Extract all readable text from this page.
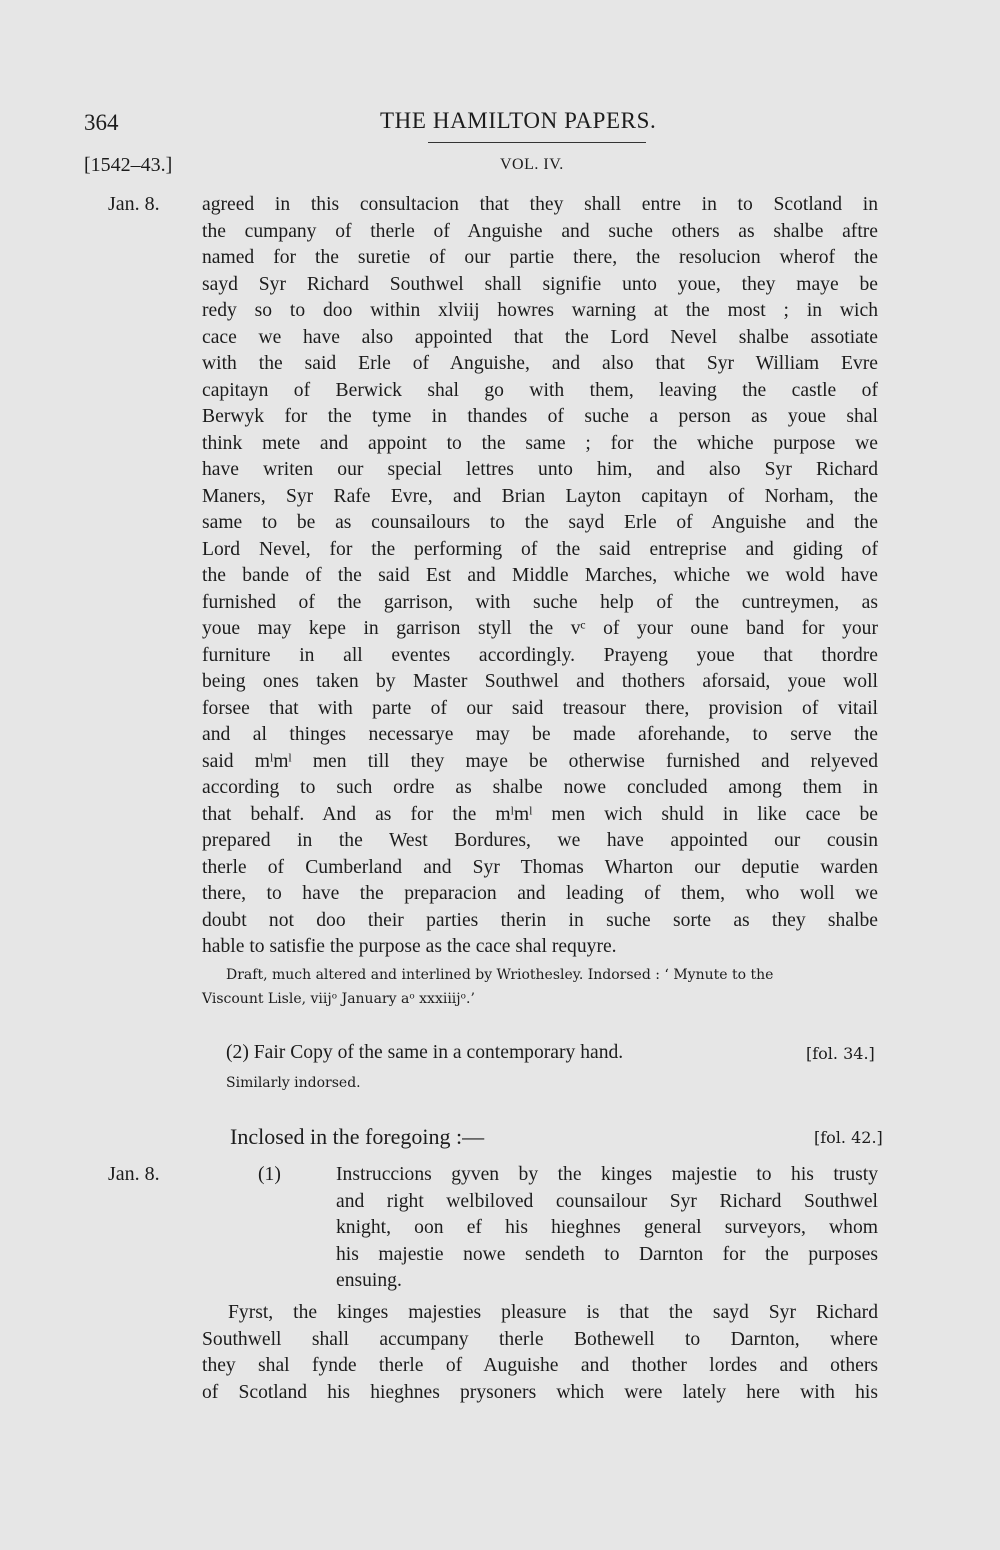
364	THE HAMILTON PAPERS.
[1542–43.]	VOL. IV.
Jan. 8. agreed in this consultacion that they shall entre in to Scotland in
the cumpany of therle of Anguishe and suche others as shalbe aftre
named for the suretie of our partie there, the resolucion wherof the
sayd Syr Richard Southwel shall signifie unto youe, they maye be
redy so to doo within xlviij howres warning at the most ; in wich
cace we have also appointed that the Lord Nevel shalbe assotiate
with the said Erle of Anguishe, and also that Syr William Evre
capitayn of Berwick shal go with them, leaving the castle of
Berwyk for the tyme in thandes of suche a person as youe shal
think mete and appoint to the same ; for the whiche purpose we
have writen our special lettres unto him, and also Syr Richard
Maners, Syr Rafe Evre, and Brian Layton capitayn of Norham, the
same to be as counsailours to the sayd Erle of Anguishe and the
Lord Nevel, for the performing of the said entreprise and giding of
the bande of the said Est and Middle Marches, whiche we wold have
furnished of the garrison, with suche help of the cuntreymen, as
youe may kepe in garrison styll the vᶜ of your oune band for your
furniture in all eventes accordingly. Prayeng youe that thordre
being ones taken by Master Southwel and thothers aforsaid, youe woll
forsee that with parte of our said treasour there, provision of vitail
and al thinges necessarye may be made aforehande, to serve the
said mˡmˡ men till they maye be otherwise furnished and relyeved
according to such ordre as shalbe nowe concluded among them in
that behalf. And as for the mˡmˡ men wich shuld in like cace be
prepared in the West Bordures, we have appointed our cousin
therle of Cumberland and Syr Thomas Wharton our deputie warden
there, to have the preparacion and leading of them, who woll we
doubt not doo their parties therin in suche sorte as they shalbe
hable to satisfie the purpose as the cace shal requyre.
Draft, much altered and interlined by Wriothesley. Indorsed : ‘ Mynute to the
Viscount Lisle, viijᵒ January aᵒ xxxiiijᵒ.’
(2) Fair Copy of the same in a contemporary hand.	[fol. 34.]
Similarly indorsed.
Inclosed in the foregoing :—	[fol. 42.]
Jan. 8.	(1)	Instruccions gyven by the kinges majestie to his trusty
and right welbiloved counsailour Syr Richard Southwel
knight, oon ef his hieghnes general surveyors, whom
his majestie nowe sendeth to Darnton for the purposes
ensuing.
Fyrst, the kinges majesties pleasure is that the sayd Syr Richard
Southwell shall accumpany therle Bothewell to Darnton, where
they shal fynde therle of Auguishe and thother lordes and others
of Scotland his hieghnes prysoners which were lately here with his
